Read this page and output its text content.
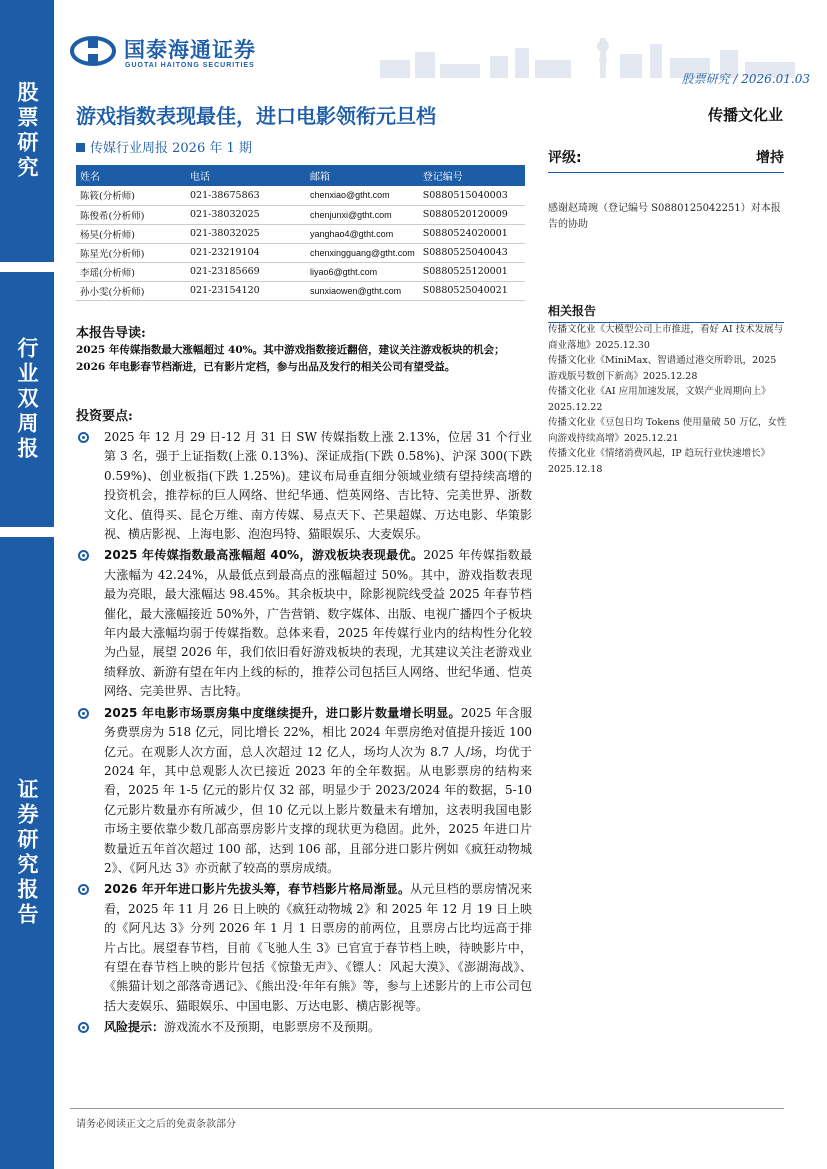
股票研究
行业双周报
证券研究报告
国泰海通证券
GUOTAI HAITONG SECURITIES
股票研究 / 2026.01.03
游戏指数表现最佳，进口电影领衔元旦档	传播文化业
传媒行业周报 2026 年 1 期
姓名	电话	邮箱	登记编号
陈筱(分析师)	021-38675863	chenxiao@gtht.com	S0880515040003
陈俊希(分析师)	021-38032025	chenjunxi@gtht.com	S0880520120009
杨昊(分析师)	021-38032025	yanghao4@gtht.com	S0880524020001
陈星光(分析师)	021-23219104	chenxingguang@gtht.com	S0880525040043
李瑶(分析师)	021-23185669	liyao6@gtht.com	S0880525120001
孙小雯(分析师)	021-23154120	sunxiaowen@gtht.com	S0880525040021
评级:	增持
感谢赵琦琬（登记编号 S0880125042251）对本报告的协助
相关报告
传播文化业《大模型公司上市推进，看好 AI 技术发展与商业落地》2025.12.30
传播文化业《MiniMax、智谱通过港交所聆讯，2025 游戏版号数创下新高》2025.12.28
传播文化业《AI 应用加速发展，文娱产业周期向上》2025.12.22
传播文化业《豆包日均 Tokens 使用量破 50 万亿，女性向游戏持续高增》2025.12.21
传播文化业《情绪消费风起，IP 趋玩行业快速增长》2025.12.18
本报告导读:
2025 年传媒指数最大涨幅超过 40%。其中游戏指数接近翻倍，建议关注游戏板块的机会；2026 年电影春节档渐进，已有影片定档，参与出品及发行的相关公司有望受益。
投资要点:
2025 年 12 月 29 日-12 月 31 日 SW 传媒指数上涨 2.13%，位居 31 个行业第 3 名，强于上证指数(上涨 0.13%)、深证成指(下跌 0.58%)、沪深 300(下跌 0.59%)、创业板指(下跌 1.25%)。建议布局垂直细分领域业绩有望持续高增的投资机会，推荐标的巨人网络、世纪华通、恺英网络、吉比特、完美世界、浙数文化、值得买、昆仑万维、南方传媒、易点天下、芒果超媒、万达电影、华策影视、横店影视、上海电影、泡泡玛特、猫眼娱乐、大麦娱乐。
2025 年传媒指数最高涨幅超 40%，游戏板块表现最优。2025 年传媒指数最大涨幅为 42.24%，从最低点到最高点的涨幅超过 50%。其中，游戏指数表现最为亮眼，最大涨幅达 98.45%。其余板块中，除影视院线受益 2025 年春节档催化，最大涨幅接近 50%外，广告营销、数字媒体、出版、电视广播四个子板块年内最大涨幅均弱于传媒指数。总体来看，2025 年传媒行业内的结构性分化较为凸显，展望 2026 年，我们依旧看好游戏板块的表现，尤其建议关注老游戏业绩释放、新游有望在年内上线的标的，推荐公司包括巨人网络、世纪华通、恺英网络、完美世界、吉比特。
2025 年电影市场票房集中度继续提升，进口影片数量增长明显。2025 年含服务费票房为 518 亿元，同比增长 22%，相比 2024 年票房绝对值提升接近 100 亿元。在观影人次方面，总人次超过 12 亿人，场均人次为 8.7 人/场，均优于 2024 年，其中总观影人次已接近 2023 年的全年数据。从电影票房的结构来看，2025 年 1-5 亿元的影片仅 32 部，明显少于 2023/2024 年的数据，5-10 亿元影片数量亦有所减少，但 10 亿元以上影片数量未有增加，这表明我国电影市场主要依靠少数几部高票房影片支撑的现状更为稳固。此外，2025 年进口片数量近五年首次超过 100 部，达到 106 部，且部分进口影片例如《疯狂动物城 2》、《阿凡达 3》亦贡献了较高的票房成绩。
2026 年开年进口影片先拔头筹，春节档影片格局渐显。从元旦档的票房情况来看，2025 年 11 月 26 日上映的《疯狂动物城 2》和 2025 年 12 月 19 日上映的《阿凡达 3》分列 2026 年 1 月 1 日票房的前两位，且票房占比均远高于排片占比。展望春节档，目前《飞驰人生 3》已官宣于春节档上映，待映影片中，有望在春节档上映的影片包括《惊蛰无声》、《镖人：风起大漠》、《澎湖海战》、《熊猫计划之部落奇遇记》、《熊出没·年年有熊》等，参与上述影片的上市公司包括大麦娱乐、猫眼娱乐、中国电影、万达电影、横店影视等。
风险提示：游戏流水不及预期，电影票房不及预期。
请务必阅读正文之后的免责条款部分
